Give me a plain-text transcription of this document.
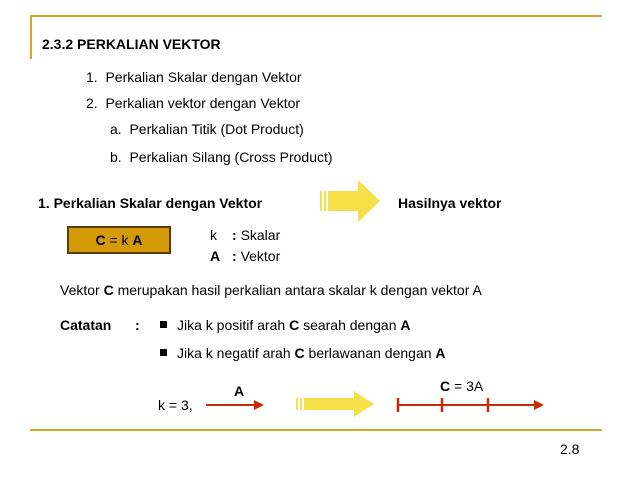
2.3.2 PERKALIAN VEKTOR
1. Perkalian Skalar dengan Vektor
2. Perkalian vektor dengan Vektor
a. Perkalian Titik (Dot Product)
b. Perkalian Silang (Cross Product)
1. Perkalian Skalar dengan Vektor	Hasilnya vektor
C = k A	k : Skalar
A : Vektor
Vektor C merupakan hasil perkalian antara skalar k dengan vektor A
Catatan :	Jika k positif arah C searah dengan A
Jika k negatif arah C berlawanan dengan A
k = 3,
A	C = 3A
2.8
